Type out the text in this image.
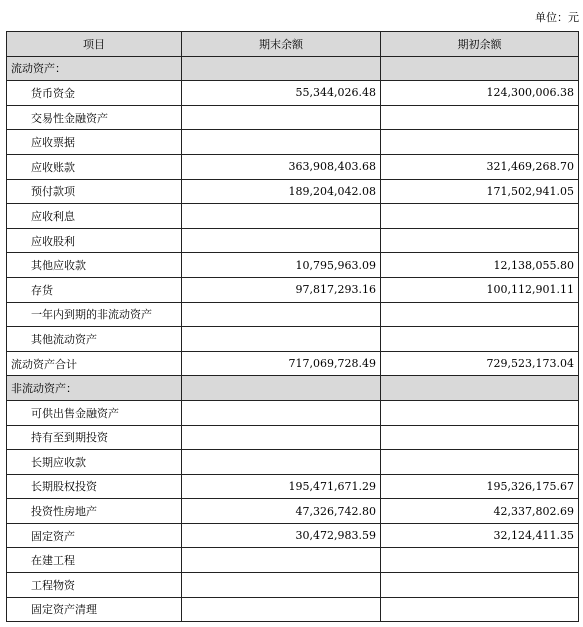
单位：元
项目	期末余额	期初余额
流动资产：		
货币资金	55,344,026.48	124,300,006.38
交易性金融资产		
应收票据		
应收账款	363,908,403.68	321,469,268.70
预付款项	189,204,042.08	171,502,941.05
应收利息		
应收股利		
其他应收款	10,795,963.09	12,138,055.80
存货	97,817,293.16	100,112,901.11
一年内到期的非流动资产		
其他流动资产		
流动资产合计	717,069,728.49	729,523,173.04
非流动资产：		
可供出售金融资产		
持有至到期投资		
长期应收款		
长期股权投资	195,471,671.29	195,326,175.67
投资性房地产	47,326,742.80	42,337,802.69
固定资产	30,472,983.59	32,124,411.35
在建工程		
工程物资		
固定资产清理		
